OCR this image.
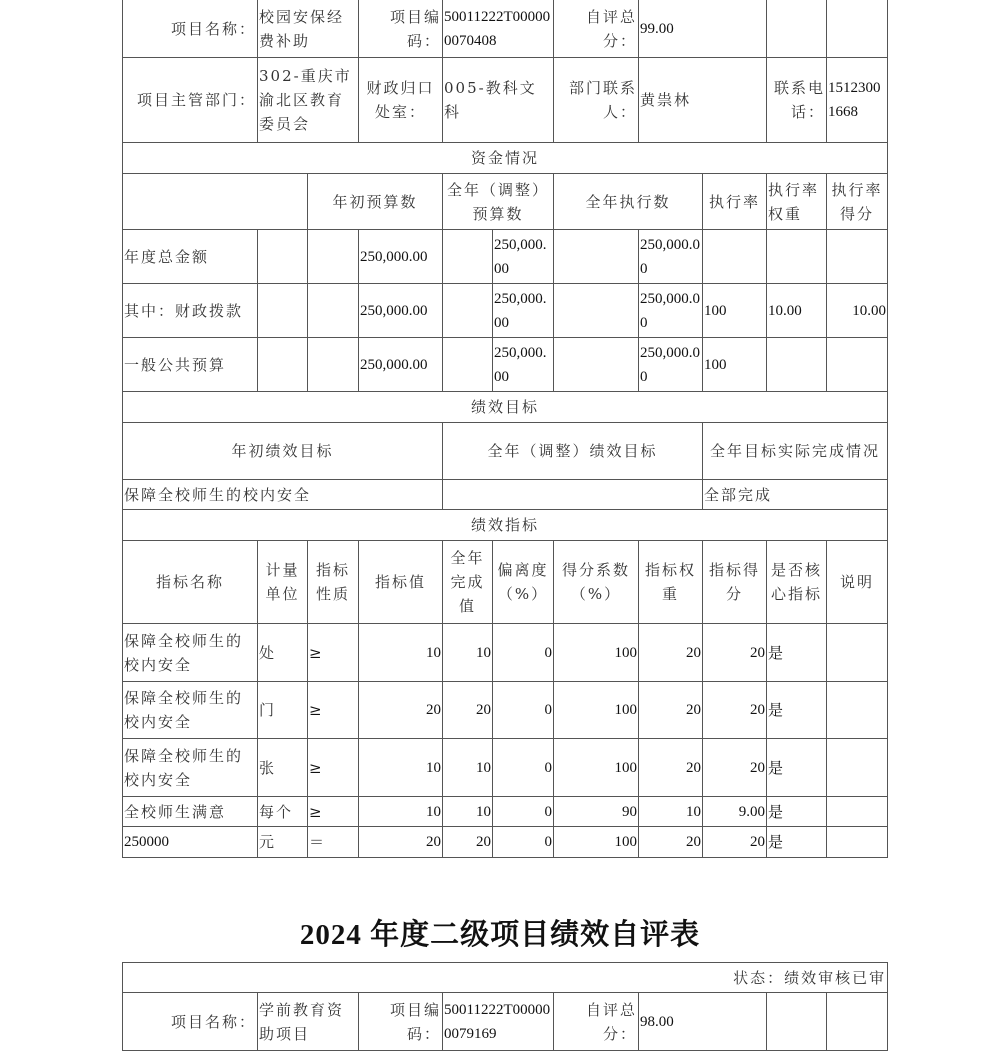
项目名称：	校园安保经费补助		项目编码：	50011222T000000070408		自评总分：	99.00			
项目主管部门：	302-重庆市渝北区教育委员会		财政归口处室：	005-教科文科		部门联系人：	黄祟林		联系电话：	15123001668
资金情况										
		年初预算数		全年（调整）预算数		全年执行数		执行率	执行率权重	执行率得分
年度总金额			250,000.00		250,000.00		250,000.00			
其中：财政拨款			250,000.00		250,000.00		250,000.00	100	10.00	10.00
一般公共预算			250,000.00		250,000.00		250,000.00	100		
绩效目标										
年初绩效目标				全年（调整）绩效目标				全年目标实际完成情况		
保障全校师生的校内安全								全部完成		
绩效指标										
指标名称	计量单位	指标性质	指标值	全年完成值	偏离度（%）	得分系数（%）	指标权重	指标得分	是否核心指标	说明
保障全校师生的校内安全	处	≥	10	10	0	100	20	20	是	
保障全校师生的校内安全	门	≥	20	20	0	100	20	20	是	
保障全校师生的校内安全	张	≥	10	10	0	100	20	20	是	
全校师生满意	每个	≥	10	10	0	90	10	9.00	是	
250000	元	＝	20	20	0	100	20	20	是	
2024 年度二级项目绩效自评表
状态：绩效审核已审
项目名称：	学前教育资助项目	项目编码：	50011222T000000079169	自评总分：	98.00		
